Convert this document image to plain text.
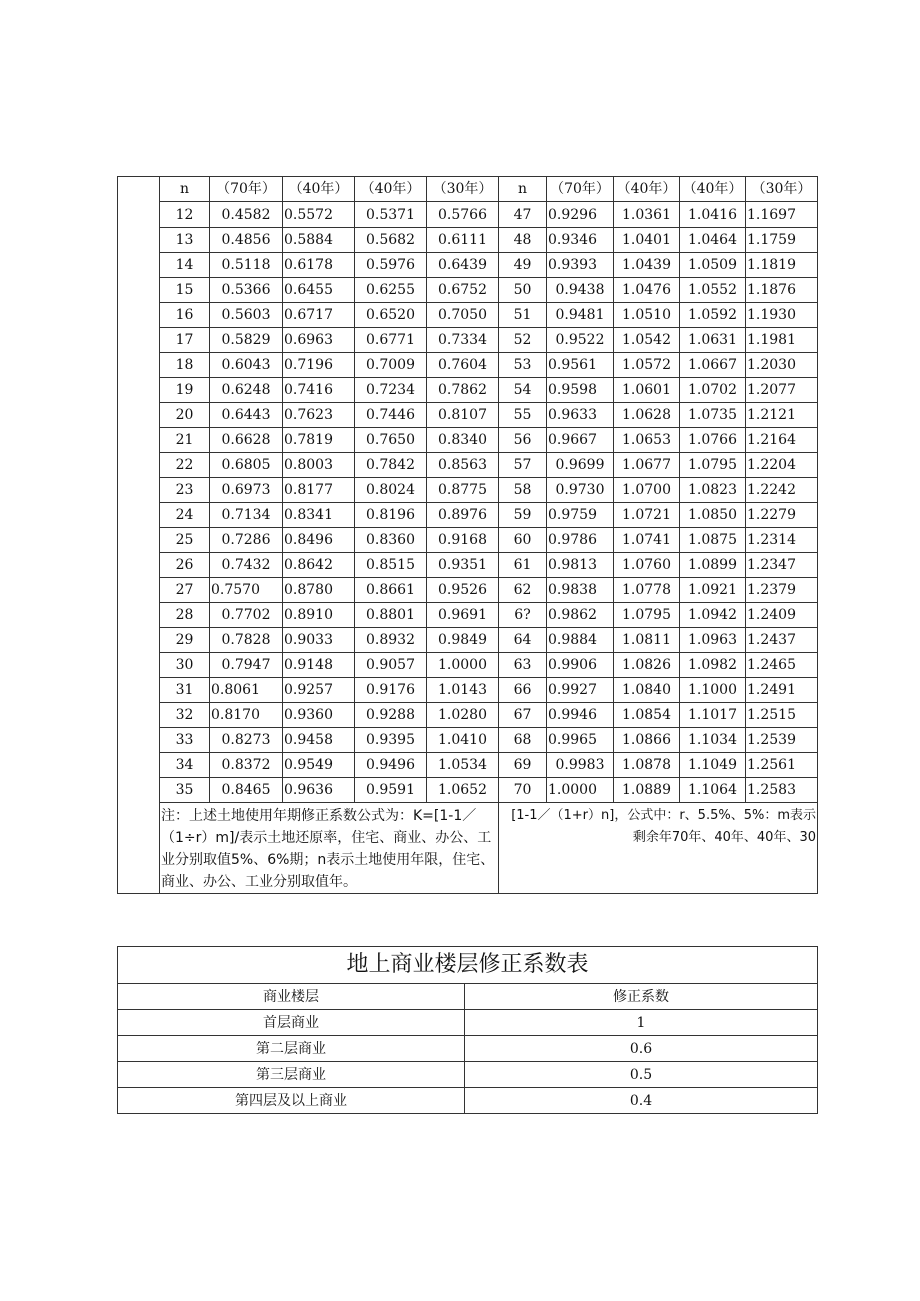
	n	（70年）	（40年）	（40年）	（30年）	n	（70年）	（40年）	（40年）	（30年）
	12	0.4582	0.5572	0.5371	0.5766	47	0.9296	1.0361	1.0416	1.1697
	13	0.4856	0.5884	0.5682	0.6111	48	0.9346	1.0401	1.0464	1.1759
	14	0.5118	0.6178	0.5976	0.6439	49	0.9393	1.0439	1.0509	1.1819
	15	0.5366	0.6455	0.6255	0.6752	50	0.9438	1.0476	1.0552	1.1876
	16	0.5603	0.6717	0.6520	0.7050	51	0.9481	1.0510	1.0592	1.1930
	17	0.5829	0.6963	0.6771	0.7334	52	0.9522	1.0542	1.0631	1.1981
	18	0.6043	0.7196	0.7009	0.7604	53	0.9561	1.0572	1.0667	1.2030
	19	0.6248	0.7416	0.7234	0.7862	54	0.9598	1.0601	1.0702	1.2077
	20	0.6443	0.7623	0.7446	0.8107	55	0.9633	1.0628	1.0735	1.2121
	21	0.6628	0.7819	0.7650	0.8340	56	0.9667	1.0653	1.0766	1.2164
	22	0.6805	0.8003	0.7842	0.8563	57	0.9699	1.0677	1.0795	1.2204
	23	0.6973	0.8177	0.8024	0.8775	58	0.9730	1.0700	1.0823	1.2242
	24	0.7134	0.8341	0.8196	0.8976	59	0.9759	1.0721	1.0850	1.2279
	25	0.7286	0.8496	0.8360	0.9168	60	0.9786	1.0741	1.0875	1.2314
	26	0.7432	0.8642	0.8515	0.9351	61	0.9813	1.0760	1.0899	1.2347
	27	0.7570	0.8780	0.8661	0.9526	62	0.9838	1.0778	1.0921	1.2379
	28	0.7702	0.8910	0.8801	0.9691	6?	0.9862	1.0795	1.0942	1.2409
	29	0.7828	0.9033	0.8932	0.9849	64	0.9884	1.0811	1.0963	1.2437
	30	0.7947	0.9148	0.9057	1.0000	63	0.9906	1.0826	1.0982	1.2465
	31	0.8061	0.9257	0.9176	1.0143	66	0.9927	1.0840	1.1000	1.2491
	32	0.8170	0.9360	0.9288	1.0280	67	0.9946	1.0854	1.1017	1.2515
	33	0.8273	0.9458	0.9395	1.0410	68	0.9965	1.0866	1.1034	1.2539
	34	0.8372	0.9549	0.9496	1.0534	69	0.9983	1.0878	1.1049	1.2561
	35	0.8465	0.9636	0.9591	1.0652	70	1.0000	1.0889	1.1064	1.2583
	注：上述土地使用年期修正系数公式为：K=[1-1／（1÷r）m]/表示土地还原率，住宅、商业、办公、工业分别取值5%、6%期；n表示土地使用年限，住宅、商业、办公、工业分别取值年。					[1-1／（1+r）n]，公式中：r、5.5%、5%：m表示剩余年70年、40年、40年、30				
地上商业楼层修正系数表	
商业楼层	修正系数
首层商业	1
第二层商业	0.6
第三层商业	0.5
第四层及以上商业	0.4
